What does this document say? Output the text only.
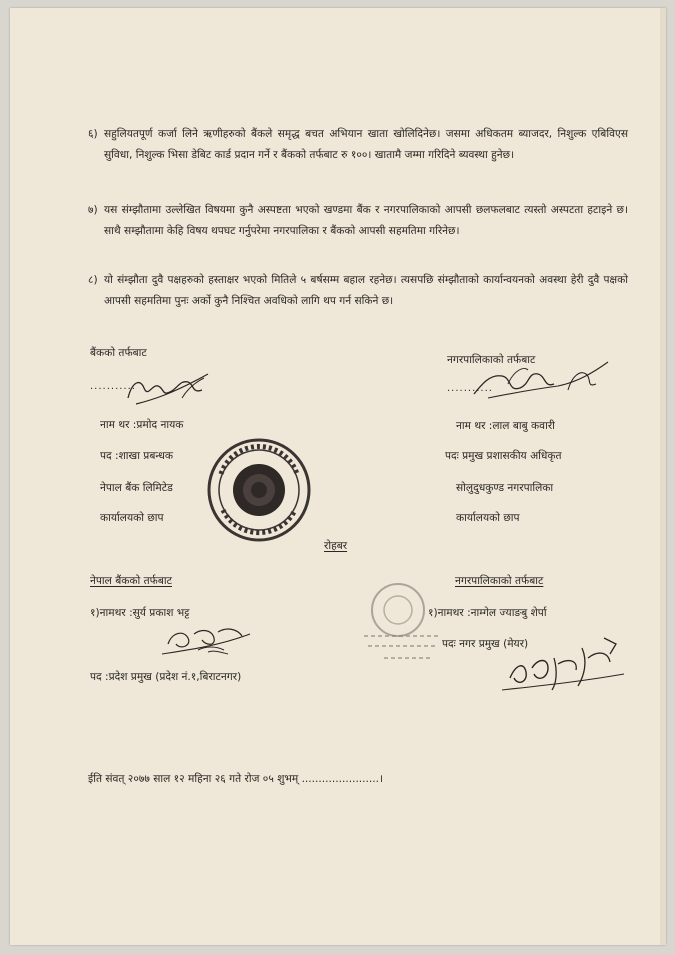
६) सहुलियतपूर्ण कर्जा लिने ऋणीहरुको बैंकले समृद्ध बचत अभियान खाता खोलिदिनेछ। जसमा अधिकतम ब्याजदर, निशुल्क एबिविएस सुविधा, निशुल्क भिसा डेबिट कार्ड प्रदान गर्ने र बैंकको तर्फबाट रु १००। खातामै जम्मा गरिदिने ब्यवस्था हुनेछ।
७) यस संम्झौतामा उल्लेखित विषयमा कुनै अस्पष्टता भएको खण्डमा बैंक र नगरपालिकाको आपसी छलफलबाट त्यस्तो अस्पटता हटाइने छ। साथै सम्झौतामा केहि विषय थपघट गर्नुपरेमा नगरपालिका र बैंकको आपसी सहमतिमा गरिनेछ।
८) यो संम्झौता दुवै पक्षहरुको हस्ताक्षर भएको मितिले ५ बर्षसम्म बहाल रहनेछ। त्यसपछि संम्झौताको कार्यान्वयनको अवस्था हेरी दुवै पक्षको आपसी सहमतिमा पुनः अर्को कुनै निश्चित अवधिको लागि थप गर्न सकिने छ।
बैंकको तर्फबाट
...........
नाम थर :प्रमोद नायक
पद :शाखा प्रबन्धक
नेपाल बैंक लिमिटेड
कार्यालयको छाप
नगरपालिकाको तर्फबाट
...........
नाम थर :लाल बाबु कवारी
पदः प्रमुख प्रशासकीय अधिकृत
सोलुदुधकुण्ड नगरपालिका
कार्यालयको छाप
रोहबर
नेपाल बैंकको तर्फबाट
१)नामथर :सुर्य प्रकाश भट्ट
पद :प्रदेश प्रमुख (प्रदेश नं.१,बिराटनगर)
नगरपालिकाको तर्फबाट
१)नामथर :नाम्गेल ज्याङबु शेर्पा
पदः नगर प्रमुख (मेयर)
ईति संवत् २०७७ साल १२ महिना २६ गते रोज ०५ शुभम् .......................।
